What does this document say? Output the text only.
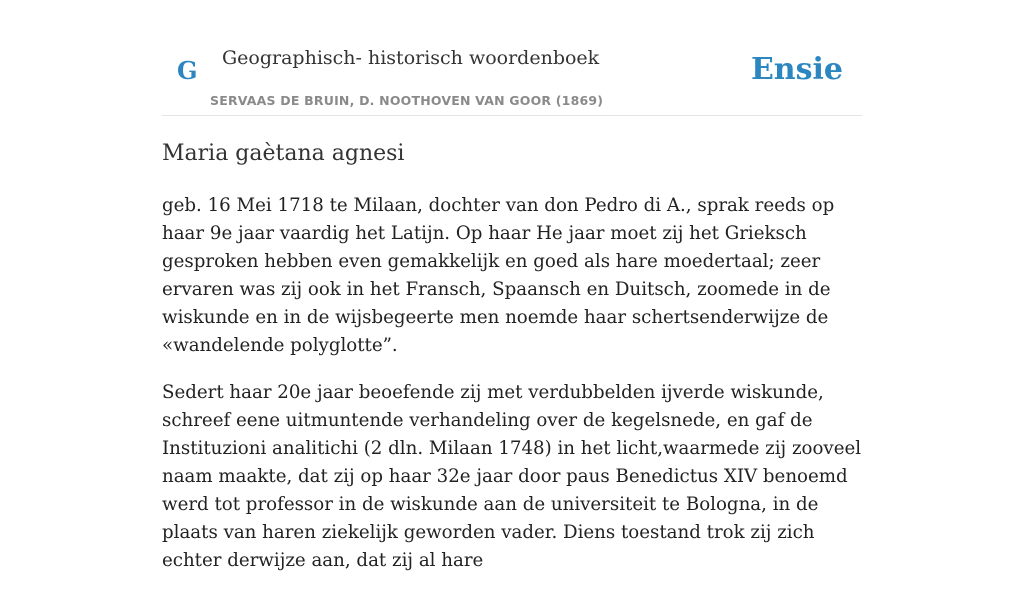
G Geographisch- historisch woordenboek
SERVAAS DE BRUIN, D. NOOTHOVEN VAN GOOR (1869)
Ensie
Maria gaètana agnesi

geb. 16 Mei 1718 te Milaan, dochter van don Pedro di A., sprak reeds op haar 9e jaar vaardig het Latijn. Op haar He jaar moet zij het Grieksch gesproken hebben even gemakkelijk en goed als hare moedertaal; zeer ervaren was zij ook in het Fransch, Spaansch en Duitsch, zoomede in de wiskunde en in de wijsbegeerte men noemde haar schertsenderwijze de «wandelende polyglotte”.

Sedert haar 20e jaar beoefende zij met verdubbelden ijverde wiskunde, schreef eene uitmuntende verhandeling over de kegelsnede, en gaf de Instituzioni analitichi (2 dln. Milaan 1748) in het licht,waarmede zij zooveel naam maakte, dat zij op haar 32e jaar door paus Benedictus XIV benoemd werd tot professor in de wiskunde aan de universiteit te Bologna, in de plaats van haren ziekelijk geworden vader. Diens toestand trok zij zich echter derwijze aan, dat zij al hare
